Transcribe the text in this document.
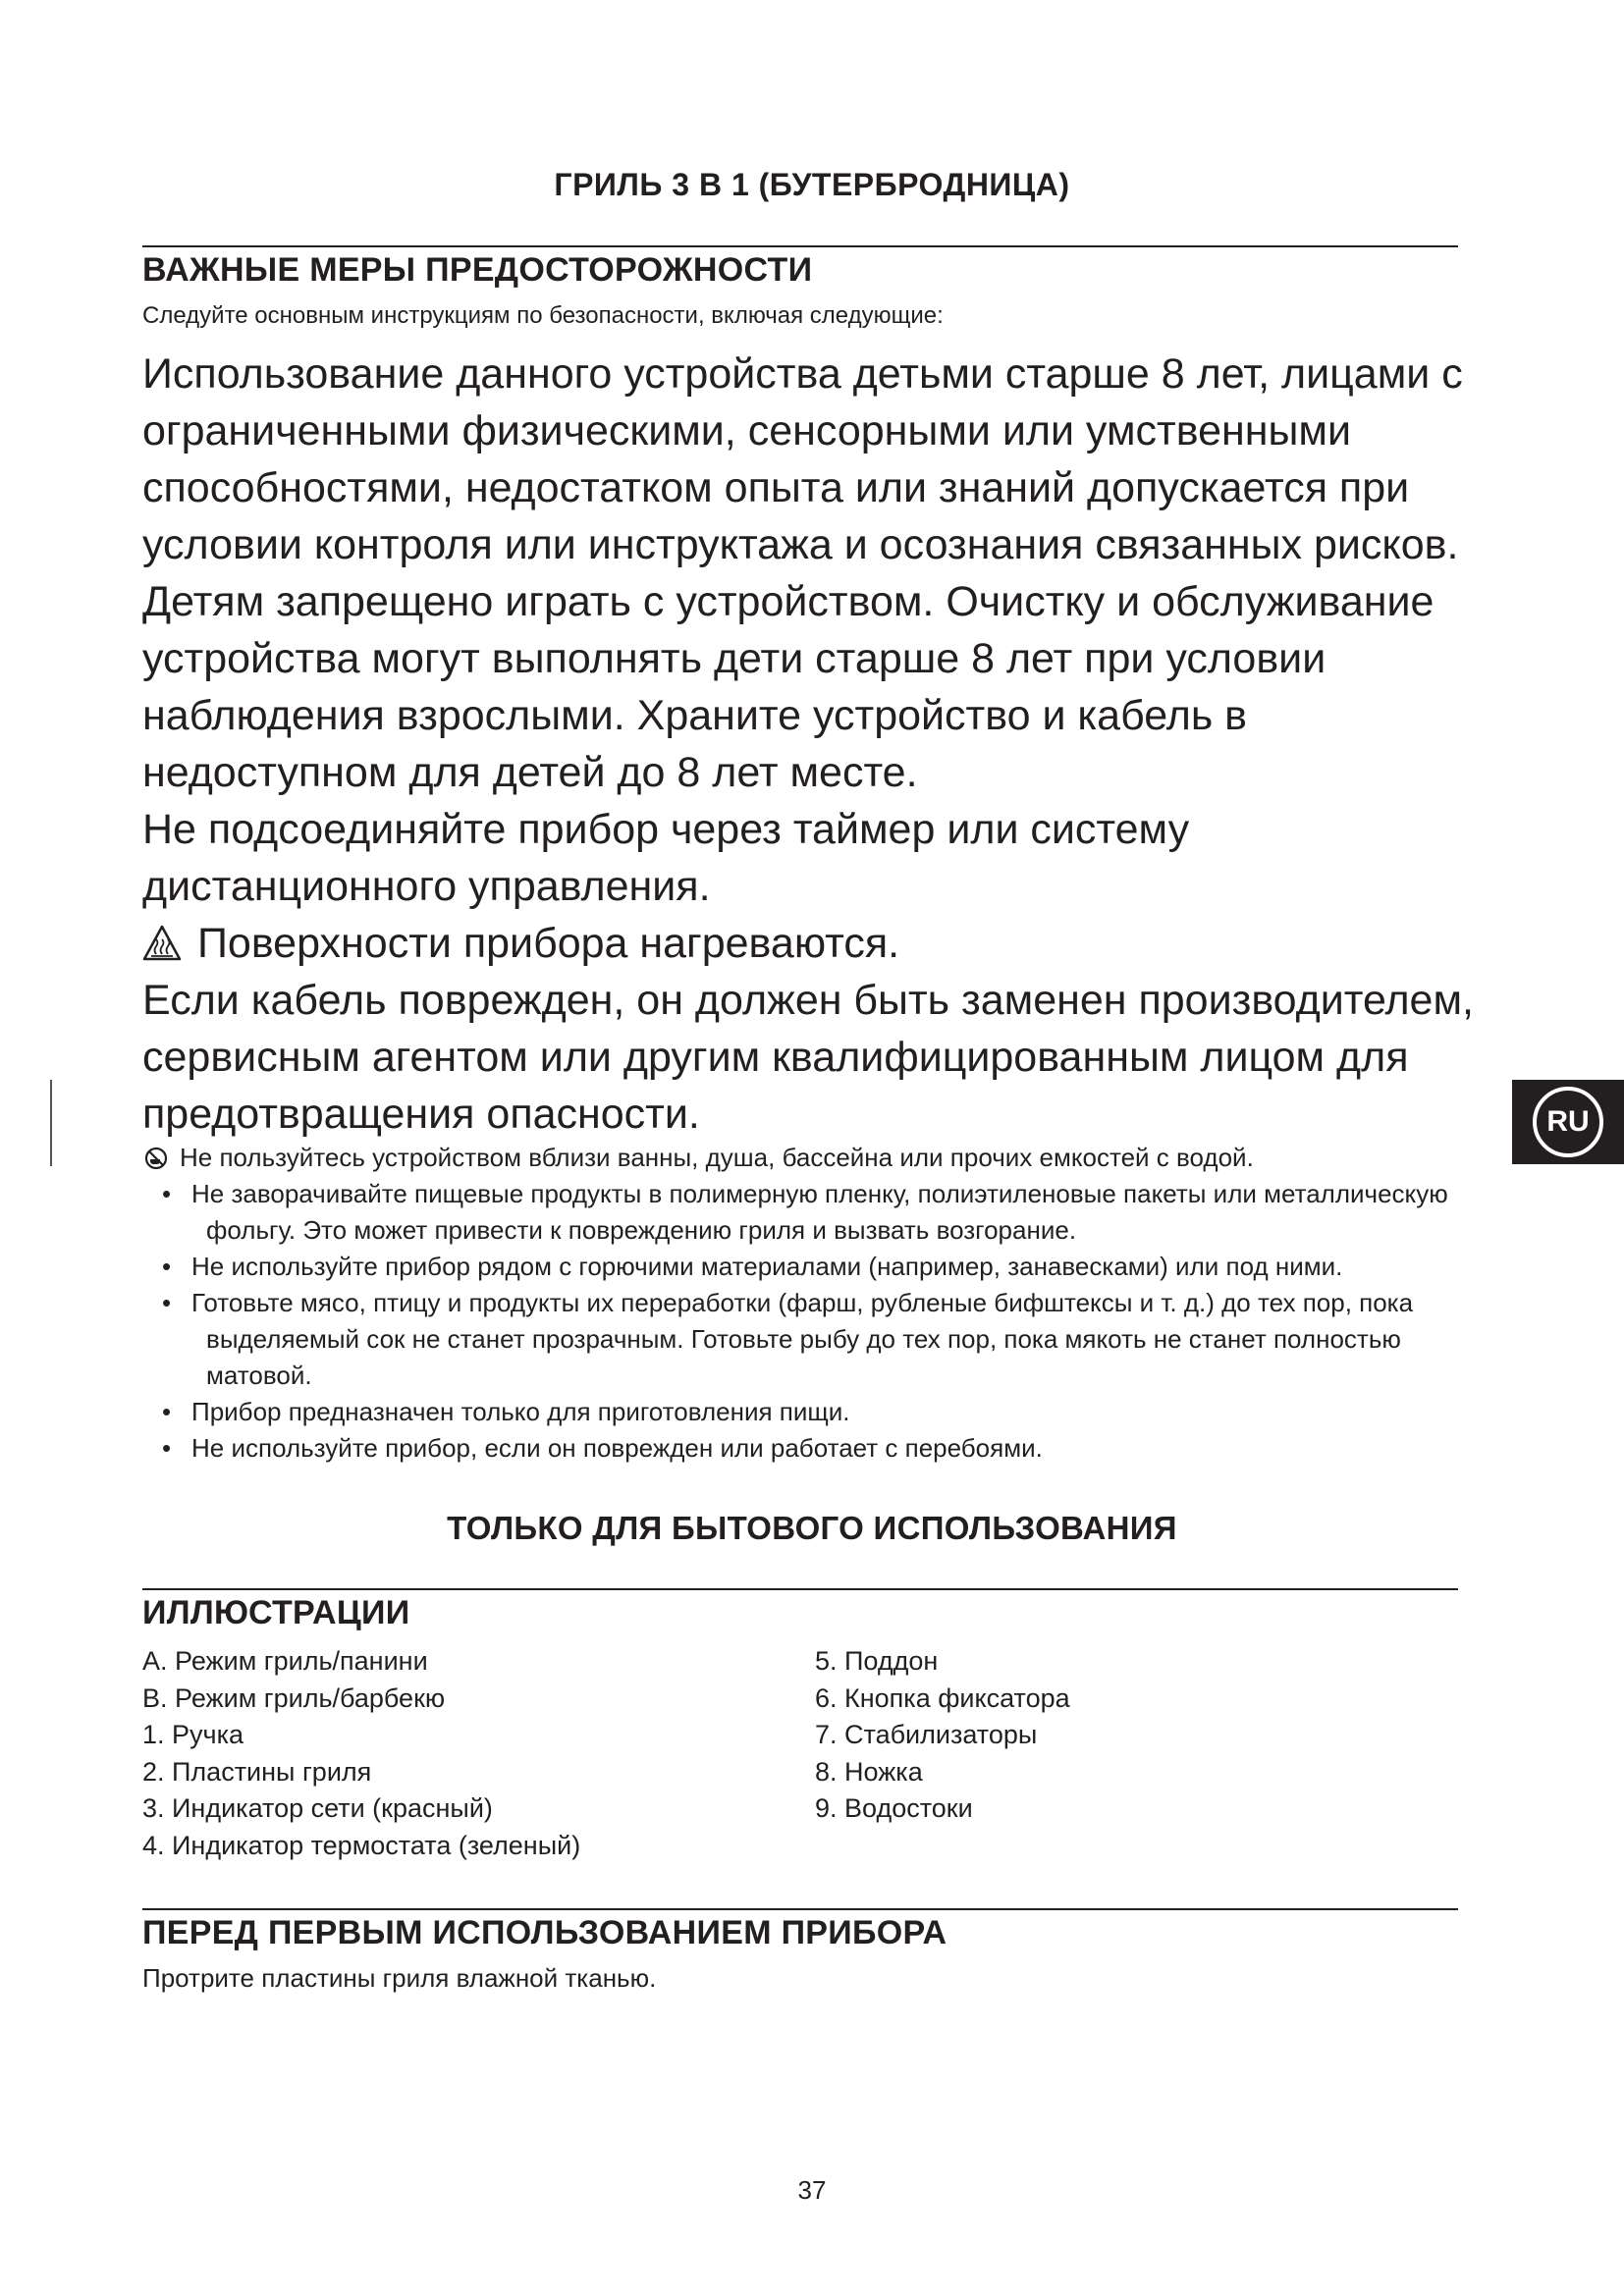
ГРИЛЬ 3 В 1 (БУТЕРБРОДНИЦА)
ВАЖНЫЕ МЕРЫ ПРЕДОСТОРОЖНОСТИ

Следуйте основным инструкциям по безопасности, включая следующие:

Использование данного устройства детьми старше 8 лет, лицами с ограниченными физическими, сенсорными или умственными способностями, недостатком опыта или знаний допускается при условии контроля или инструктажа и осознания связанных рисков. Детям запрещено играть с устройством. Очистку и обслуживание устройства могут выполнять дети старше 8 лет при условии наблюдения взрослыми. Храните устройство и кабель в недоступном для детей до 8 лет месте.

Не подсоединяйте прибор через таймер или систему дистанционного управления.

Поверхности прибора нагреваются.

Если кабель поврежден, он должен быть заменен производителем, сервисным агентом или другим квалифицированным лицом для предотвращения опасности.

Не пользуйтесь устройством вблизи ванны, душа, бассейна или прочих емкостей с водой.

• Не заворачивайте пищевые продукты в полимерную пленку, полиэтиленовые пакеты или металлическую фольгу. Это может привести к повреждению гриля и вызвать возгорание.

• Не используйте прибор рядом с горючими материалами (например, занавесками) или под ними.

• Готовьте мясо, птицу и продукты их переработки (фарш, рубленые бифштексы и т. д.) до тех пор, пока выделяемый сок не станет прозрачным. Готовьте рыбу до тех пор, пока мякоть не станет полностью матовой.

• Прибор предназначен только для приготовления пищи.

• Не используйте прибор, если он поврежден или работает с перебоями.

ТОЛЬКО ДЛЯ БЫТОВОГО ИСПОЛЬЗОВАНИЯ

ИЛЛЮСТРАЦИИ
A. Режим гриль/панини
B. Режим гриль/барбекю
1. Ручка
2. Пластины гриля
3. Индикатор сети (красный)
4. Индикатор термостата (зеленый)
5. Поддон
6. Кнопка фиксатора
7. Стабилизаторы
8. Ножка
9. Водостоки
ПЕРЕД ПЕРВЫМ ИСПОЛЬЗОВАНИЕМ ПРИБОРА

Протрите пластины гриля влажной тканью.

37

RU
